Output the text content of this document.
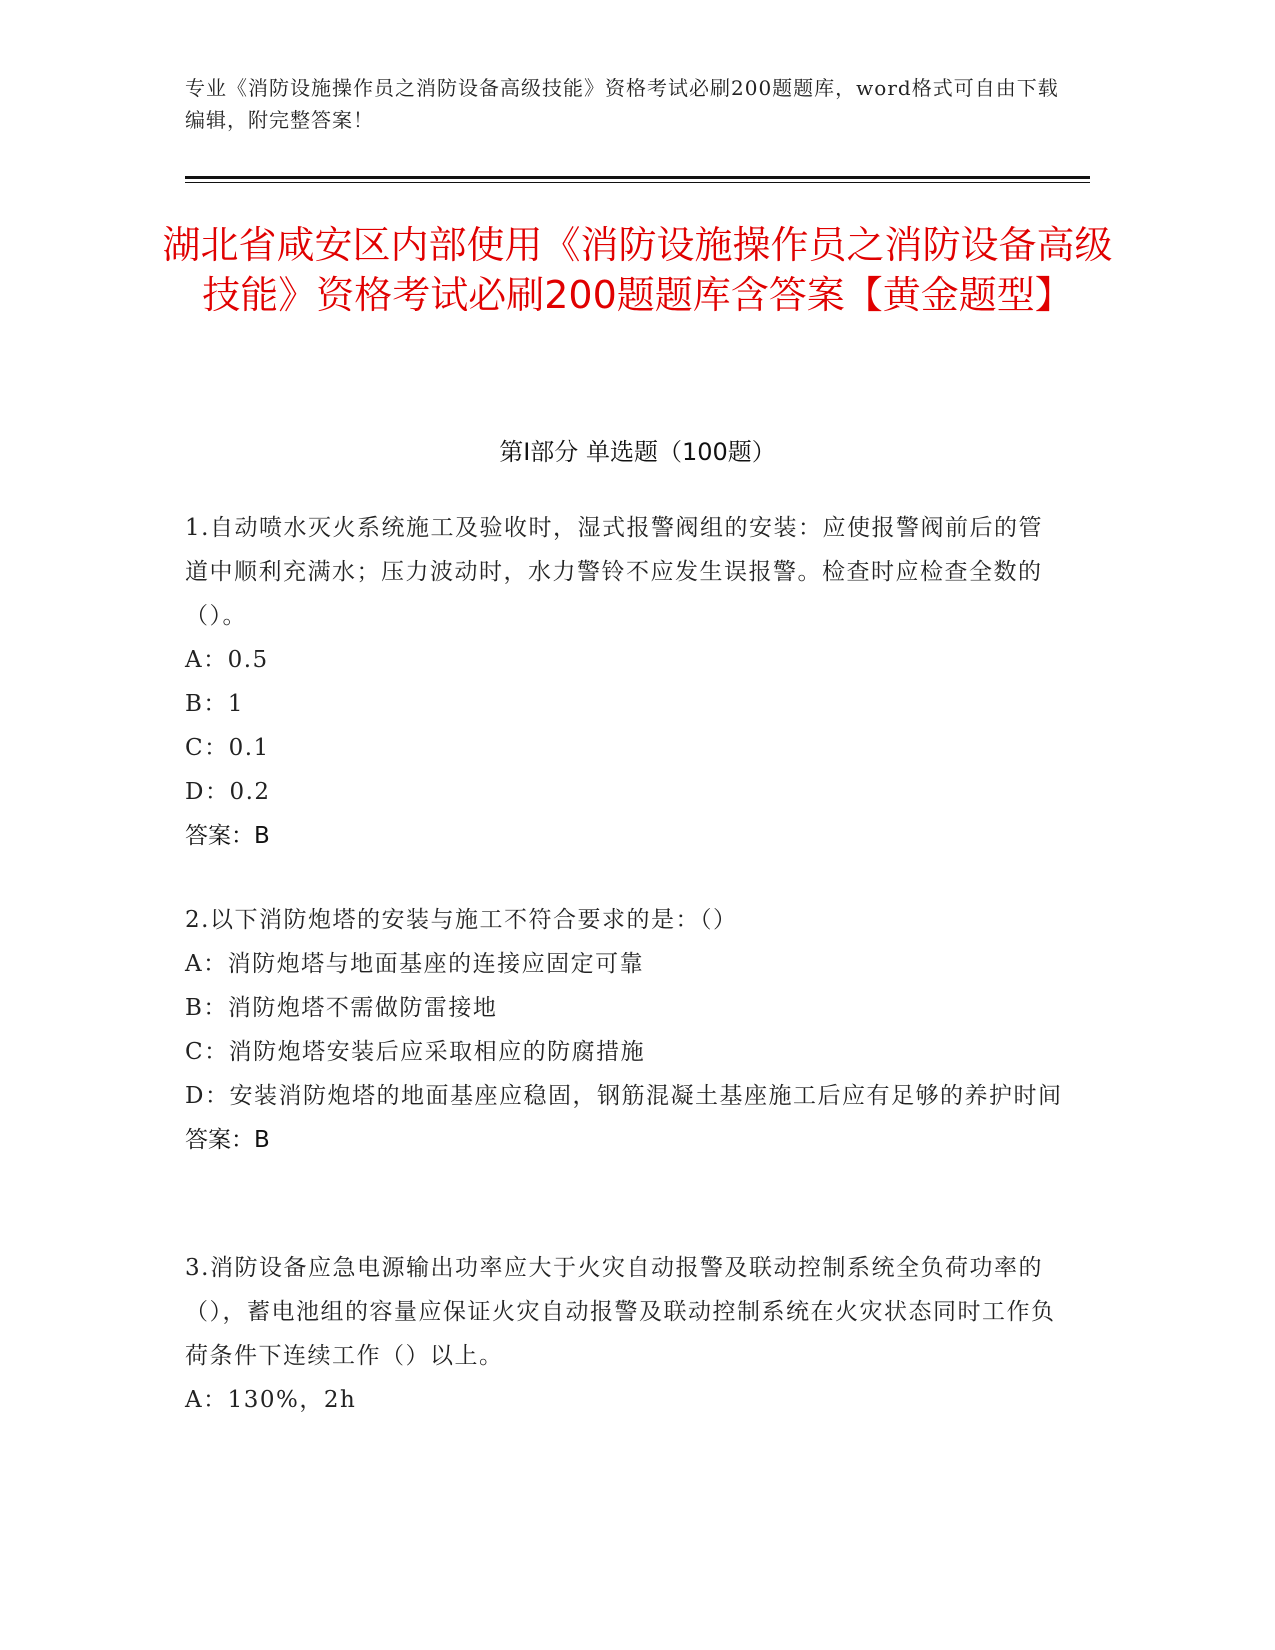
专业《消防设施操作员之消防设备高级技能》资格考试必刷200题题库，word格式可自由下载编辑，附完整答案！
湖北省咸安区内部使用《消防设施操作员之消防设备高级技能》资格考试必刷200题题库含答案【黄金题型】
第I部分 单选题（100题）

1.自动喷水灭火系统施工及验收时，湿式报警阀组的安装：应使报警阀前后的管道中顺利充满水；压力波动时，水力警铃不应发生误报警。检查时应检查全数的（）。

A：0.5

B：1

C：0.1

D：0.2

答案：B

2.以下消防炮塔的安装与施工不符合要求的是：（）

A：消防炮塔与地面基座的连接应固定可靠

B：消防炮塔不需做防雷接地

C：消防炮塔安装后应采取相应的防腐措施

D：安装消防炮塔的地面基座应稳固，钢筋混凝土基座施工后应有足够的养护时间

答案：B

3.消防设备应急电源输出功率应大于火灾自动报警及联动控制系统全负荷功率的（），蓄电池组的容量应保证火灾自动报警及联动控制系统在火灾状态同时工作负荷条件下连续工作（）以上。

A：130%，2h
